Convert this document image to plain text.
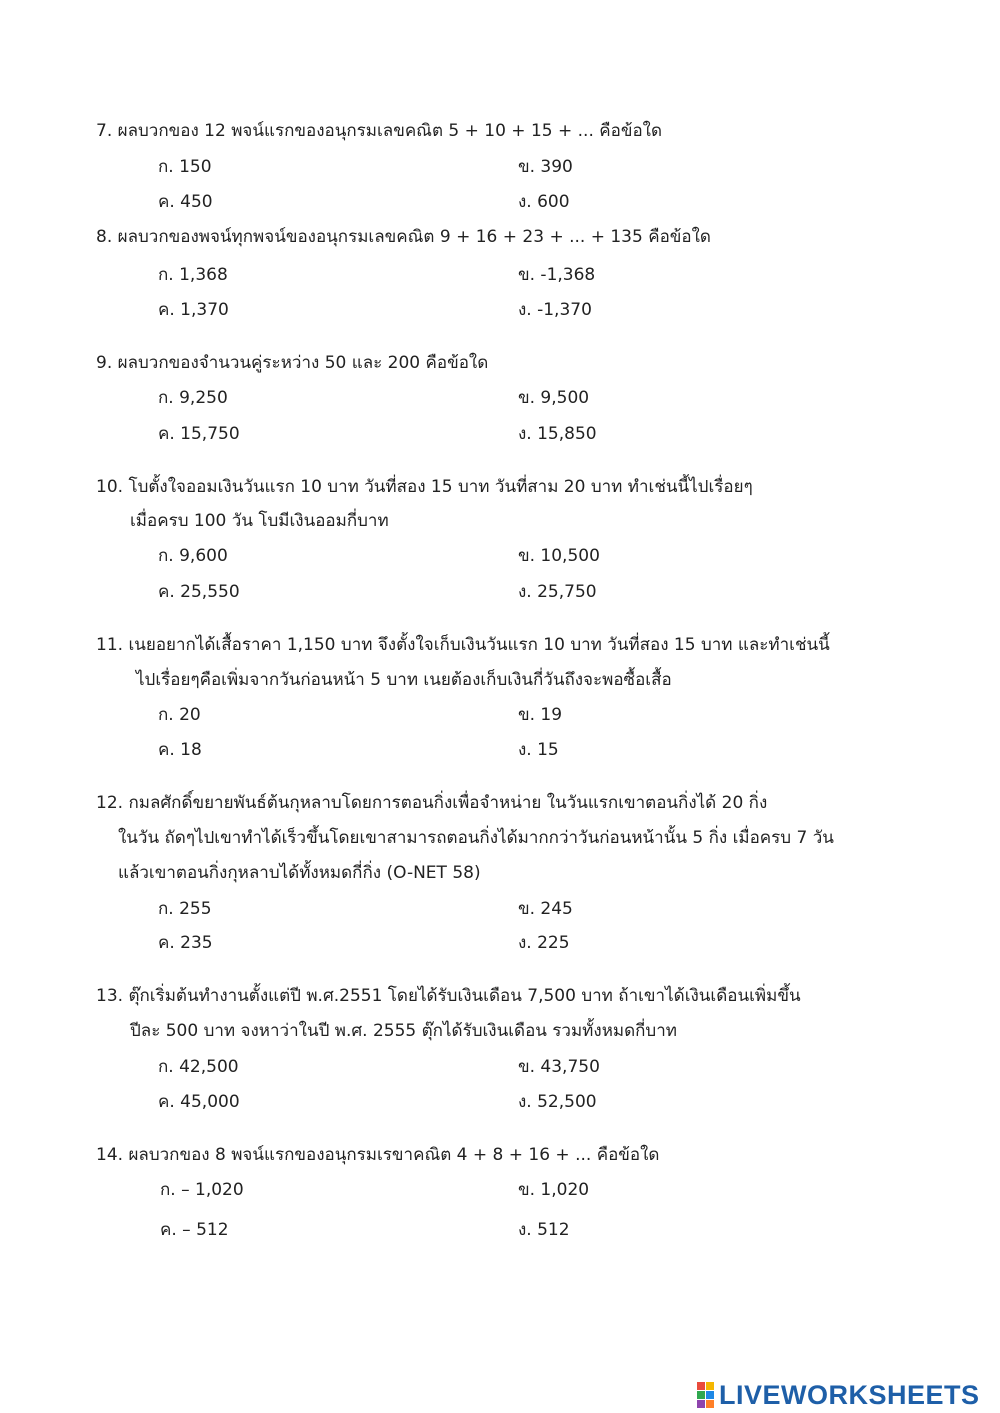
7. ผลบวกของ 12 พจน์แรกของอนุกรมเลขคณิต 5 + 10 + 15 + ... คือข้อใด
ก. 150	ข. 390
ค. 450	ง. 600
8. ผลบวกของพจน์ทุกพจน์ของอนุกรมเลขคณิต 9 + 16 + 23 + ... + 135 คือข้อใด
ก. 1,368	ข. -1,368
ค. 1,370	ง. -1,370
9. ผลบวกของจำนวนคู่ระหว่าง 50 และ 200 คือข้อใด
ก. 9,250	ข. 9,500
ค. 15,750	ง. 15,850
10. โบตั้งใจออมเงินวันแรก 10 บาท วันที่สอง 15 บาท วันที่สาม 20 บาท ทำเช่นนี้ไปเรื่อยๆ
เมื่อครบ 100 วัน โบมีเงินออมกี่บาท
ก. 9,600	ข. 10,500
ค. 25,550	ง. 25,750
11. เนยอยากได้เสื้อราคา 1,150 บาท จึงตั้งใจเก็บเงินวันแรก 10 บาท วันที่สอง 15 บาท และทำเช่นนี้
ไปเรื่อยๆคือเพิ่มจากวันก่อนหน้า 5 บาท เนยต้องเก็บเงินกี่วันถึงจะพอซื้อเสื้อ
ก. 20	ข. 19
ค. 18	ง. 15
12. กมลศักดิ์ขยายพันธ์ต้นกุหลาบโดยการตอนกิ่งเพื่อจำหน่าย ในวันแรกเขาตอนกิ่งได้ 20 กิ่ง
ในวัน ถัดๆไปเขาทำได้เร็วขึ้นโดยเขาสามารถตอนกิ่งได้มากกว่าวันก่อนหน้านั้น 5 กิ่ง เมื่อครบ 7 วัน
แล้วเขาตอนกิ่งกุหลาบได้ทั้งหมดกี่กิ่ง (O-NET 58)
ก. 255	ข. 245
ค. 235	ง. 225
13. ตุ๊กเริ่มต้นทำงานตั้งแต่ปี พ.ศ.2551 โดยได้รับเงินเดือน 7,500 บาท ถ้าเขาได้เงินเดือนเพิ่มขึ้น
ปีละ 500 บาท จงหาว่าในปี พ.ศ. 2555 ตุ๊กได้รับเงินเดือน รวมทั้งหมดกี่บาท
ก. 42,500	ข. 43,750
ค. 45,000	ง. 52,500
14. ผลบวกของ 8 พจน์แรกของอนุกรมเรขาคณิต 4 + 8 + 16 + ... คือข้อใด
ก. – 1,020	ข. 1,020
ค. – 512	ง. 512
LIVEWORKSHEETS
